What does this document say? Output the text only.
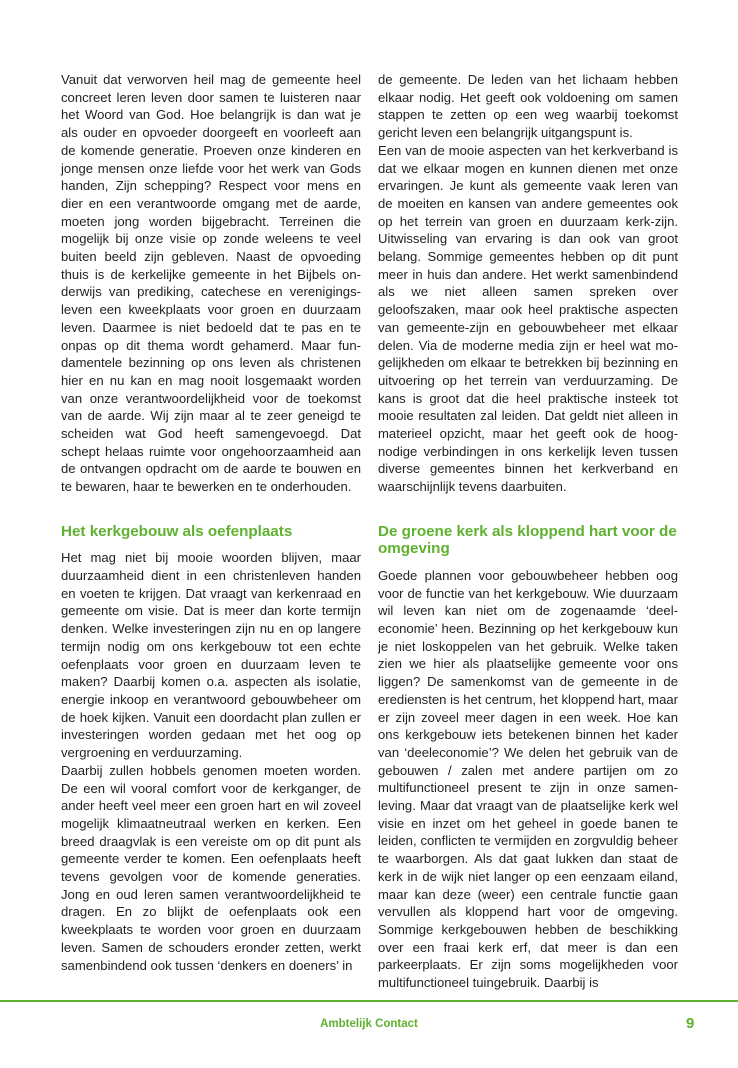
Vanuit dat verworven heil mag de gemeente heel concreet leren leven door samen te luisteren naar het Woord van God. Hoe belangrijk is dan wat je als ouder en opvoeder doorgeeft en voorleeft aan de komende generatie. Proeven onze kinderen en jonge mensen onze liefde voor het werk van Gods handen, Zijn schepping? Respect voor mens en dier en een verantwoorde omgang met de aarde, moeten jong worden bijgebracht. Terreinen die mogelijk bij onze visie op zonde weleens te veel buiten beeld zijn gebleven. Naast de opvoeding thuis is de kerkelijke gemeente in het Bijbels onderwijs van prediking, catechese en verenigingsleven een kweekplaats voor groen en duurzaam leven. Daarmee is niet bedoeld dat te pas en te onpas op dit thema wordt gehamerd. Maar fundamentele bezinning op ons leven als christenen hier en nu kan en mag nooit losgemaakt worden van onze verantwoordelijkheid voor de toekomst van de aarde. Wij zijn maar al te zeer geneigd te scheiden wat God heeft samengevoegd. Dat schept helaas ruimte voor ongehoorzaamheid aan de ontvangen opdracht om de aarde te bouwen en te bewaren, haar te bewerken en te onderhouden.

Het kerkgebouw als oefenplaats

Het mag niet bij mooie woorden blijven, maar duurzaamheid dient in een christenleven handen en voeten te krijgen. Dat vraagt van kerkenraad en gemeente om visie. Dat is meer dan korte termijn denken. Welke investeringen zijn nu en op langere termijn nodig om ons kerkgebouw tot een echte oefenplaats voor groen en duurzaam leven te maken? Daarbij komen o.a. aspecten als isolatie, energie inkoop en verantwoord gebouwbeheer om de hoek kijken. Vanuit een doordacht plan zullen er investeringen worden gedaan met het oog op vergroening en verduurzaming.

Daarbij zullen hobbels genomen moeten worden. De een wil vooral comfort voor de kerkganger, de ander heeft veel meer een groen hart en wil zoveel mogelijk klimaatneutraal werken en kerken. Een breed draagvlak is een vereiste om op dit punt als gemeente verder te komen. Een oefenplaats heeft tevens gevolgen voor de komende generaties. Jong en oud leren samen verantwoordelijkheid te dragen. En zo blijkt de oefenplaats ook een kweekplaats te worden voor groen en duurzaam leven. Samen de schouders eronder zetten, werkt samenbindend ook tussen ‘denkers en doeners’ in

de gemeente. De leden van het lichaam hebben elkaar nodig. Het geeft ook voldoening om samen stappen te zetten op een weg waarbij toekomst gericht leven een belangrijk uitgangspunt is.

Een van de mooie aspecten van het kerkverband is dat we elkaar mogen en kunnen dienen met onze ervaringen. Je kunt als gemeente vaak leren van de moeiten en kansen van andere gemeentes ook op het terrein van groen en duurzaam kerk-zijn. Uitwisseling van ervaring is dan ook van groot belang. Sommige gemeentes hebben op dit punt meer in huis dan andere. Het werkt samenbindend als we niet alleen samen spreken over geloofszaken, maar ook heel praktische aspecten van gemeente-zijn en gebouwbeheer met elkaar delen. Via de moderne media zijn er heel wat mogelijkheden om elkaar te betrekken bij bezinning en uitvoering op het terrein van verduurzaming. De kans is groot dat die heel praktische insteek tot mooie resultaten zal leiden. Dat geldt niet alleen in materieel opzicht, maar het geeft ook de hoognodige verbindingen in ons kerkelijk leven tussen diverse gemeentes binnen het kerkverband en waarschijnlijk tevens daarbuiten.

De groene kerk als kloppend hart voor de omgeving

Goede plannen voor gebouwbeheer hebben oog voor de functie van het kerkgebouw. Wie duurzaam wil leven kan niet om de zogenaamde ‘deeleconomie’ heen. Bezinning op het kerkgebouw kun je niet loskoppelen van het gebruik. Welke taken zien we hier als plaatselijke gemeente voor ons liggen? De samenkomst van de gemeente in de erediensten is het centrum, het kloppend hart, maar er zijn zoveel meer dagen in een week. Hoe kan ons kerkgebouw iets betekenen binnen het kader van ‘deeleconomie’? We delen het gebruik van de gebouwen / zalen met andere partijen om zo multifunctioneel present te zijn in onze samenleving. Maar dat vraagt van de plaatselijke kerk wel visie en inzet om het geheel in goede banen te leiden, conflicten te vermijden en zorgvuldig beheer te waarborgen. Als dat gaat lukken dan staat de kerk in de wijk niet langer op een eenzaam eiland, maar kan deze (weer) een centrale functie gaan vervullen als kloppend hart voor de omgeving. Sommige kerkgebouwen hebben de beschikking over een fraai kerk erf, dat meer is dan een parkeerplaats. Er zijn soms mogelijkheden voor multifunctioneel tuingebruik. Daarbij is

Ambtelijk Contact	9
